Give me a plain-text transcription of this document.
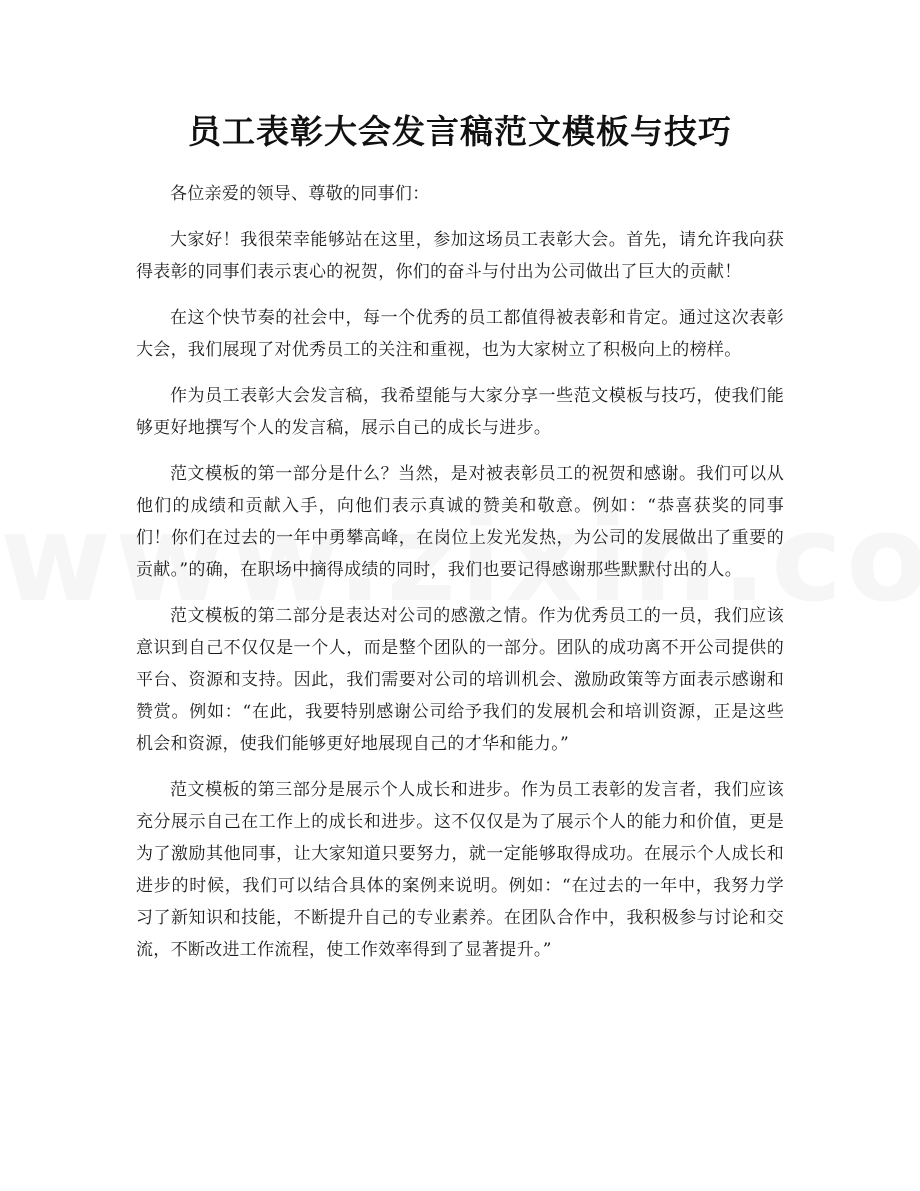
员工表彰大会发言稿范文模板与技巧

各位亲爱的领导、尊敬的同事们：

大家好！我很荣幸能够站在这里，参加这场员工表彰大会。首先，请允许我向获得表彰的同事们表示衷心的祝贺，你们的奋斗与付出为公司做出了巨大的贡献！

在这个快节奏的社会中，每一个优秀的员工都值得被表彰和肯定。通过这次表彰大会，我们展现了对优秀员工的关注和重视，也为大家树立了积极向上的榜样。

作为员工表彰大会发言稿，我希望能与大家分享一些范文模板与技巧，使我们能够更好地撰写个人的发言稿，展示自己的成长与进步。

范文模板的第一部分是什么？当然，是对被表彰员工的祝贺和感谢。我们可以从他们的成绩和贡献入手，向他们表示真诚的赞美和敬意。例如：“恭喜获奖的同事们！你们在过去的一年中勇攀高峰，在岗位上发光发热，为公司的发展做出了重要的贡献。”的确，在职场中摘得成绩的同时，我们也要记得感谢那些默默付出的人。

范文模板的第二部分是表达对公司的感激之情。作为优秀员工的一员，我们应该意识到自己不仅仅是一个人，而是整个团队的一部分。团队的成功离不开公司提供的平台、资源和支持。因此，我们需要对公司的培训机会、激励政策等方面表示感谢和赞赏。例如：“在此，我要特别感谢公司给予我们的发展机会和培训资源，正是这些机会和资源，使我们能够更好地展现自己的才华和能力。”

范文模板的第三部分是展示个人成长和进步。作为员工表彰的发言者，我们应该充分展示自己在工作上的成长和进步。这不仅仅是为了展示个人的能力和价值，更是为了激励其他同事，让大家知道只要努力，就一定能够取得成功。在展示个人成长和进步的时候，我们可以结合具体的案例来说明。例如：“在过去的一年中，我努力学习了新知识和技能，不断提升自己的专业素养。在团队合作中，我积极参与讨论和交流，不断改进工作流程，使工作效率得到了显著提升。”
